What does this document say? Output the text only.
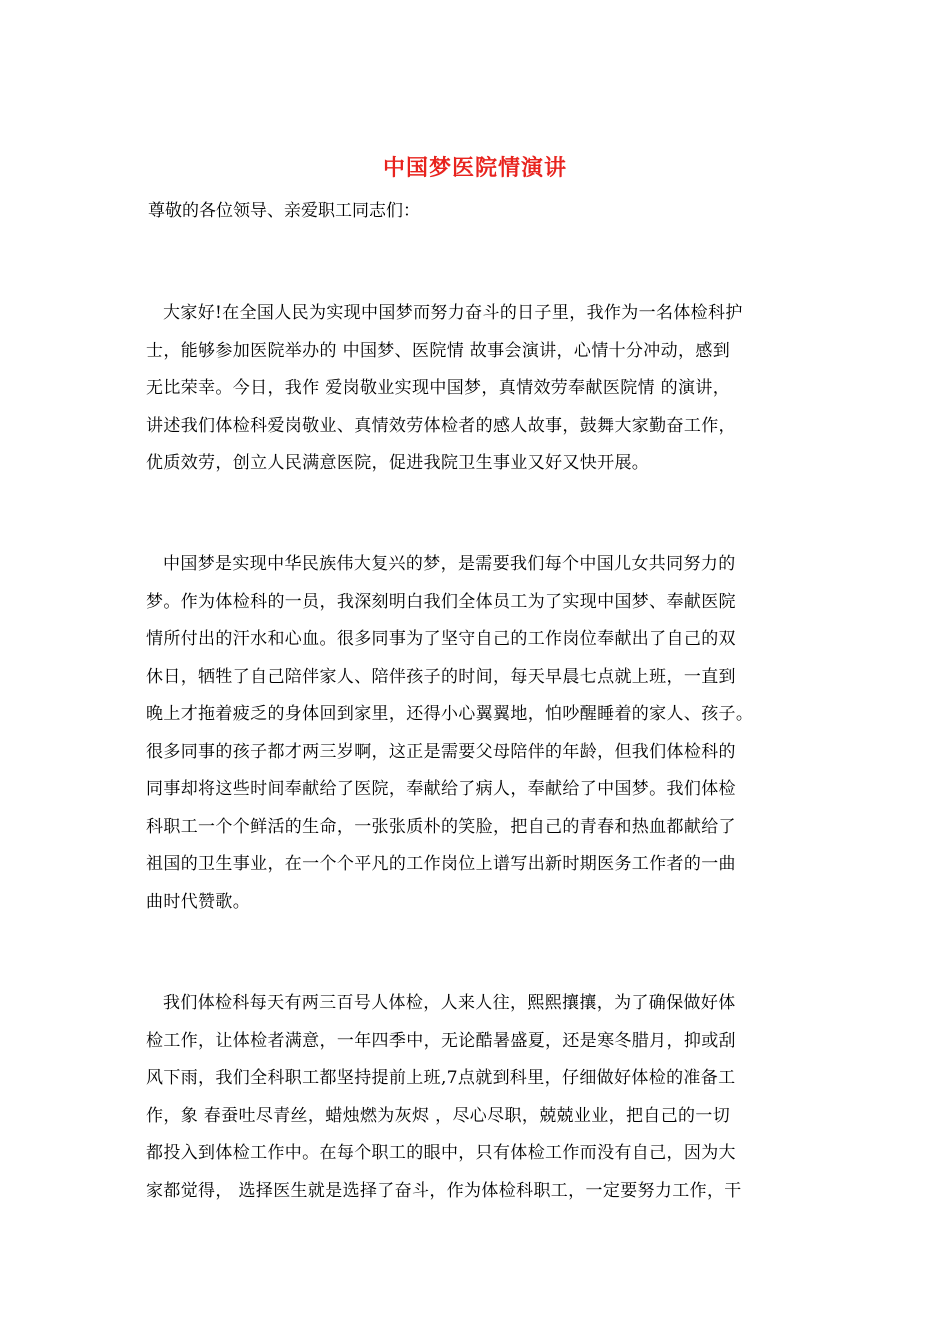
中国梦医院情演讲
尊敬的各位领导、亲爱职工同志们：
大家好!在全国人民为实现中国梦而努力奋斗的日子里，我作为一名体检科护
士，能够参加医院举办的 中国梦、医院情 故事会演讲，心情十分冲动，感到
无比荣幸。今日，我作 爱岗敬业实现中国梦，真情效劳奉献医院情 的演讲，
讲述我们体检科爱岗敬业、真情效劳体检者的感人故事，鼓舞大家勤奋工作，
优质效劳，创立人民满意医院，促进我院卫生事业又好又快开展。
中国梦是实现中华民族伟大复兴的梦，是需要我们每个中国儿女共同努力的
梦。作为体检科的一员，我深刻明白我们全体员工为了实现中国梦、奉献医院
情所付出的汗水和心血。很多同事为了坚守自己的工作岗位奉献出了自己的双
休日，牺牲了自己陪伴家人、陪伴孩子的时间，每天早晨七点就上班，一直到
晚上才拖着疲乏的身体回到家里，还得小心翼翼地，怕吵醒睡着的家人、孩子。
很多同事的孩子都才两三岁啊，这正是需要父母陪伴的年龄，但我们体检科的
同事却将这些时间奉献给了医院，奉献给了病人，奉献给了中国梦。我们体检
科职工一个个鲜活的生命，一张张质朴的笑脸，把自己的青春和热血都献给了
祖国的卫生事业，在一个个平凡的工作岗位上谱写出新时期医务工作者的一曲
曲时代赞歌。
我们体检科每天有两三百号人体检，人来人往，熙熙攘攘，为了确保做好体
检工作，让体检者满意，一年四季中，无论酷暑盛夏，还是寒冬腊月，抑或刮
风下雨，我们全科职工都坚持提前上班,7点就到科里，仔细做好体检的准备工
作，象 春蚕吐尽青丝，蜡烛燃为灰烬 ，尽心尽职，兢兢业业，把自己的一切
都投入到体检工作中。在每个职工的眼中，只有体检工作而没有自己，因为大
家都觉得， 选择医生就是选择了奋斗，作为体检科职工，一定要努力工作，干
